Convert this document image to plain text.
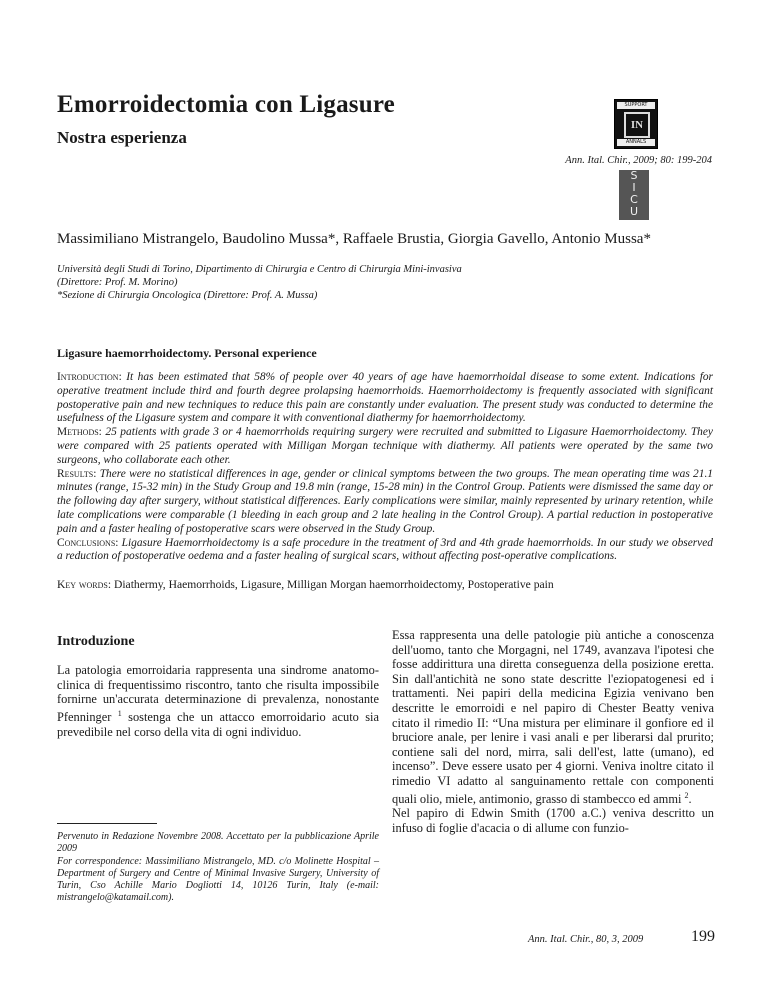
Emorroidectomia con Ligasure
Nostra esperienza
SUPPORT
IN
ANNALS
Ann. Ital. Chir., 2009; 80: 199-204
S
I
C
U
Massimiliano Mistrangelo, Baudolino Mussa*, Raffaele Brustia, Giorgia Gavello, Antonio Mussa*
Università degli Studi di Torino, Dipartimento di Chirurgia e Centro di Chirurgia Mini-invasiva
(Direttore: Prof. M. Morino)
*Sezione di Chirurgia Oncologica (Direttore: Prof. A. Mussa)
Ligasure haemorrhoidectomy. Personal experience

Introduction: It has been estimated that 58% of people over 40 years of age have haemorrhoidal disease to some extent. Indications for operative treatment include third and fourth degree prolapsing haemorrhoids. Haemorrhoidectomy is frequently associated with significant postoperative pain and new techniques to reduce this pain are constantly under evaluation. The present study was conducted to determine the usefulness of the Ligasure system and compare it with conventional diathermy for haemorrhoidectomy.

Methods: 25 patients with grade 3 or 4 haemorrhoids requiring surgery were recruited and submitted to Ligasure Haemorrhoidectomy. They were compared with 25 patients operated with Milligan Morgan technique with diathermy. All patients were operated by the same two surgeons, who collaborate each other.

Results: There were no statistical differences in age, gender or clinical symptoms between the two groups. The mean operating time was 21.1 minutes (range, 15-32 min) in the Study Group and 19.8 min (range, 15-28 min) in the Control Group. Patients were dismissed the same day or the following day after surgery, without statistical differences. Early complications were similar, mainly represented by urinary retention, while late complications were comparable (1 bleeding in each group and 2 late healing in the Control Group). A partial reduction in postoperative pain and a faster healing of postoperative scars were observed in the Study Group.

Conclusions: Ligasure Haemorrhoidectomy is a safe procedure in the treatment of 3rd and 4th grade haemorrhoids. In our study we observed a reduction of postoperative oedema and a faster healing of surgical scars, without affecting post-operative complications.

Key words: Diathermy, Haemorrhoids, Ligasure, Milligan Morgan haemorrhoidectomy, Postoperative pain
Introduzione

La patologia emorroidaria rappresenta una sindrome anatomo-clinica di frequentissimo riscontro, tanto che risulta impossibile fornirne un'accurata determinazione di prevalenza, nonostante Pfenninger $^1$ sostenga che un attacco emorroidario acuto sia prevedibile nel corso della vita di ogni individuo.

Pervenuto in Redazione Novembre 2008. Accettato per la pubblicazione Aprile 2009
For correspondence: Massimiliano Mistrangelo, MD. c/o Molinette Hospital – Department of Surgery and Centre of Minimal Invasive Surgery, University of Turin, Cso Achille Mario Dogliotti 14, 10126 Turin, Italy (e-mail: mistrangelo@katamail.com).

Essa rappresenta una delle patologie più antiche a conoscenza dell'uomo, tanto che Morgagni, nel 1749, avanzava l'ipotesi che fosse addirittura una diretta conseguenza della posizione eretta. Sin dall'antichità ne sono state descritte l'eziopatogenesi ed i trattamenti. Nei papiri della medicina Egizia venivano ben descritte le emorroidi e nel papiro di Chester Beatty veniva citato il rimedio II: “Una mistura per eliminare il gonfiore ed il bruciore anale, per lenire i vasi anali e per liberarsi dal prurito; contiene sali del nord, mirra, sali dell'est, latte (umano), ed incenso”. Deve essere usato per 4 giorni. Veniva inoltre citato il rimedio VI adatto al sanguinamento rettale con componenti quali olio, miele, antimonio, grasso di stambecco ed ammi $^2$.

Nel papiro di Edwin Smith (1700 a.C.) veniva descritto un infuso di foglie d'acacia o di allume con funzio-

Ann. Ital. Chir., 80, 3, 2009	199
